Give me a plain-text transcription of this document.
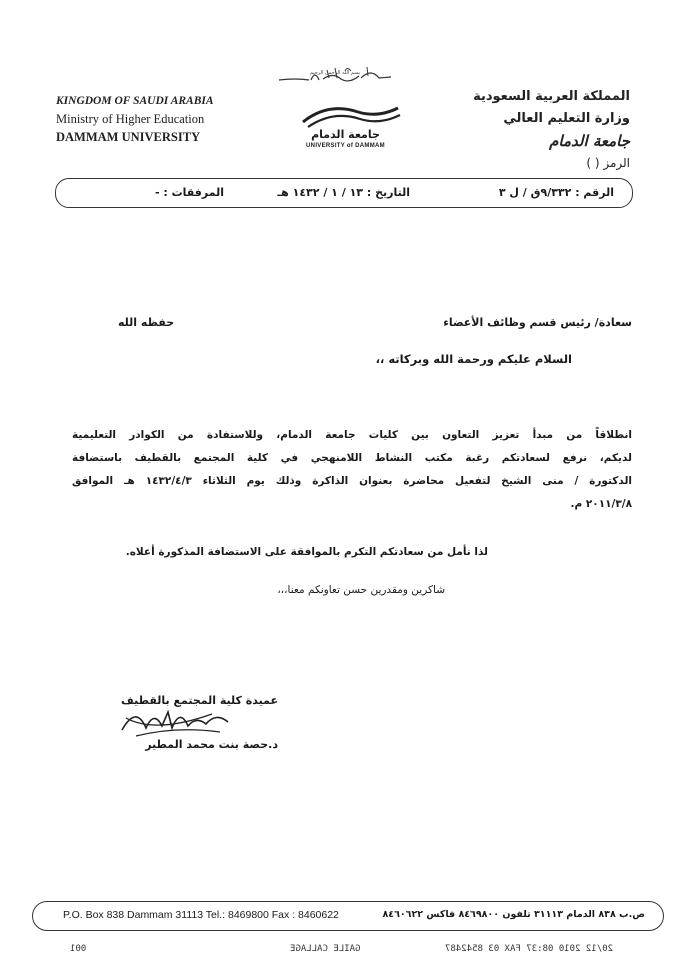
بسم الله الرحمن الرحيم
KINGDOM OF SAUDI ARABIA
Ministry of Higher Education
DAMMAM UNIVERSITY	جامعة الدمام
UNIVERSITY of DAMMAM
المملكة العربية السعودية
وزارة التعليم العالي
جامعة الدمام
الرمز ( )
الرقم : ٩/٣٣٢ق / ل ٣
التاريخ : ١٣ / ١ / ١٤٣٢ هـ
المرفقات : -
سعادة/ رئيس قسم وظائف الأعضاء
حفظه الله
السلام عليكم ورحمة الله وبركاته ،،
انطلاقاً من مبدأ تعزيز التعاون بين كليات جامعة الدمام، وللاستفادة من الكوادر التعليمية
لديكم، نرفع لسعادتكم رغبة مكتب النشاط اللامنهجي في كلية المجتمع بالقطيف باستضافة
الدكتورة / منى الشيخ لتفعيل محاضرة بعنوان الذاكرة وذلك يوم الثلاثاء ١٤٣٢/٤/٣ هـ الموافق
٢٠١١/٣/٨ م.
لذا نأمل من سعادتكم التكرم بالموافقة على الاستضافة المذكورة أعلاه.
شاكرين ومقدرين حسن تعاونكم معنا،،،
عميدة كلية المجتمع بالقطيف
د.حصة بنت محمد المطير
P.O. Box 838 Dammam 31113 Tel.: 8469800 Fax : 8460622	ص.ب ٨٣٨ الدمام ٣١١١٣ تلفون ٨٤٦٩٨٠٠ فاكس ٨٤٦٠٦٢٢
001	GAILE CALLAGE	20/12 2010 08:37 FAX 03 8542487
